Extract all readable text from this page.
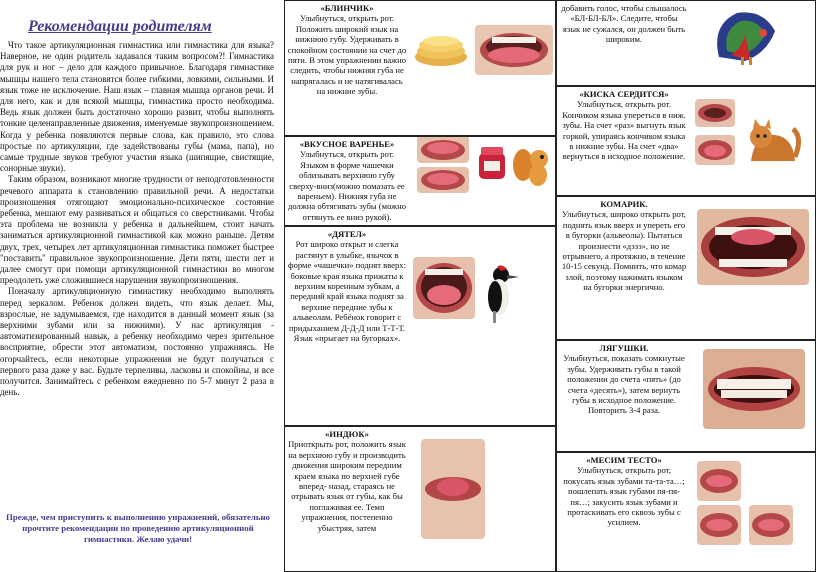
Рекомендации родителям

Что такое артикуляционная гимнастика или гимнастика для языка? Наверное, не один родитель задавался таким вопросом?! Гимнастика для рук и ног – дело для каждого привычное. Благодаря гимнастике мышцы нашего тела становятся более гибкими, ловкими, сильными. И язык тоже не исключение. Наш язык – главная мышца органов речи. И для него, как и для всякой мышцы, гимнастика просто необходима. Ведь язык должен быть достаточно хорошо развит, чтобы выполнять тонкие целенаправленные движения, именуемые звукопроизношением. Когда у ребенка появляются первые слова, как правило, это слова простые по артикуляции, где задействованы губы (мама, папа), но самые трудные звуков требуют участия языка (шипящие, свистящие, сонорные звуки).

Таким образом, возникают многие трудности от неподготовленности речевого аппарата к становлению правильной речи. А недостатки произношения отягощают эмоционально-психическое состояние ребенка, мешают ему развиваться и общаться со сверстниками. Чтобы эта проблема не возникла у ребенка в дальнейшем, стоит начать заниматься артикуляционной гимнастикой как можно раньше. Детям двух, трех, четырех лет артикуляционная гимнастика поможет быстрее "поставить" правильное звукопроизношение. Дети пяти, шести лет и далее смогут при помощи артикуляционной гимнастики во многом преодолеть уже сложившиеся нарушения звукопроизношения.

Поначалу артикуляционную гимнастику необходимо выполнять перед зеркалом. Ребенок должен видеть, что язык делает. Мы, взрослые, не задумываемся, где находится в данный момент язык (за верхними зубами или за нижними). У нас артикуляция - автоматизированный навык, а ребенку необходимо через зрительное восприятие, обрести этот автоматизм, постоянно упражняясь. Не огорчайтесь, если некоторые упражнения не будут получаться с первого раза даже у вас. Будьте терпеливы, ласковы и спокойны, и все получится. Занимайтесь с ребенком ежедневно по 5-7 минут 2 раза в день.

Прежде, чем приступить к выполнению упражнений, обязательно прочтите рекомендации по проведению артикуляционной гимнастики. Желаю удачи!
«БЛИНЧИК»
Улыбнуться, открыть рот. Положить широкий язык на нижнюю губу. Удерживать в спокойном состоянии на счет до пяти. В этом упражнении важно следить, чтобы нижняя губа не напрягалась и не натягивалась на нижние зубы.
«ВКУСНОЕ ВАРЕНЬЕ»
Улыбнуться, открыть рот. Языком в форме чашечки облизывать верхнюю губу сверху-вниз(можно помазать ее вареньем). Нижняя губа не должна обтягивать зубы (можно оттянуть ее вниз рукой).
«ДЯТЕЛ»
Рот широко открыт и слегка растянут в улыбке, язычок в форме «чашечки» поднят вверх: боковые края языка прижаты к верхним коренным зубкам, а передний край языка поднят за верхние передние зубы к альвеолам. Ребёнок говорит с придыханием Д-Д-Д или Т-Т-Т. Язык «прыгает на бугорках».
«ИНДЮК»
Приоткрыть рот, положить язык на верхнюю губу и производить движения широким передним краем языка по верхней губе вперед- назад, стараясь не отрывать язык от губы, как бы поглаживая ее. Темп упражнения, постепенно убыстряя, затем
добавить голос, чтобы слышалось «БЛ-БЛ-БЛ». Следите, чтобы язык не сужался, он должен быть широким.
«КИСКА СЕРДИТСЯ»
Улыбнуться, открыть рот. Кончиком языка упереться в ниж. зубы. На счет «раз» выгнуть язык горкой, упираясь кончиком языка в нижние зубы. На счет «два» вернуться в исходное положение.
КОМАРИК.
Улыбнуться, широко открыть рот, поднять язык вверх и упереть его в бугорки (альвеолы). Пытаться произнести «дззз», но не отрывнего, а протяжно, в течение 10-15 секунд. Помнить, что комар злой, поэтому нажимать языком на бугорки энергично.
ЛЯГУШКИ.
Улыбнуться, показать сомкнутые зубы. Удерживать губы в такой положении до счета «пять» (до счета «десять»), затем вернуть губы в исходное положение. Повторить 3-4 раза.
«МЕСИМ ТЕСТО»
Улыбнуться, открыть рот, покусать язык зубами та-та-та…; пошлепать язык губами пя-пя-пя…; закусить язык зубами и протаскивать его сквозь зубы с усилием.
